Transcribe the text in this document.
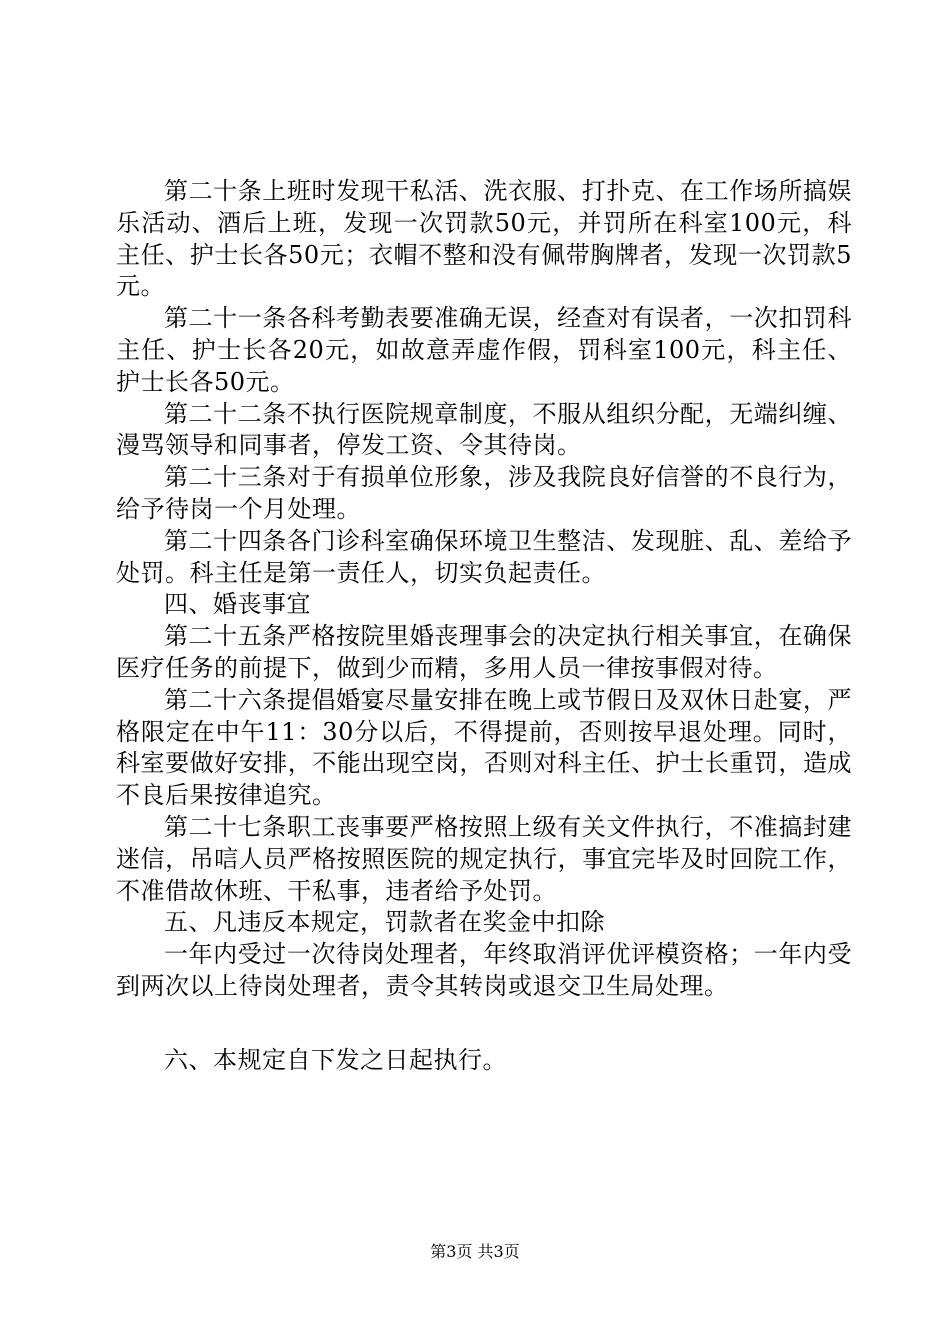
第二十条上班时发现干私活、洗衣服、打扑克、在工作场所搞娱乐活动、酒后上班，发现一次罚款50元，并罚所在科室100元，科主任、护士长各50元；衣帽不整和没有佩带胸牌者，发现一次罚款5元。

第二十一条各科考勤表要准确无误，经查对有误者，一次扣罚科主任、护士长各20元，如故意弄虚作假，罚科室100元，科主任、护士长各50元。

第二十二条不执行医院规章制度，不服从组织分配，无端纠缠、漫骂领导和同事者，停发工资、令其待岗。

第二十三条对于有损单位形象，涉及我院良好信誉的不良行为，给予待岗一个月处理。

第二十四条各门诊科室确保环境卫生整洁、发现脏、乱、差给予处罚。科主任是第一责任人，切实负起责任。

四、婚丧事宜

第二十五条严格按院里婚丧理事会的决定执行相关事宜，在确保医疗任务的前提下，做到少而精，多用人员一律按事假对待。

第二十六条提倡婚宴尽量安排在晚上或节假日及双休日赴宴，严格限定在中午11：30分以后，不得提前，否则按早退处理。同时，科室要做好安排，不能出现空岗，否则对科主任、护士长重罚，造成不良后果按律追究。

第二十七条职工丧事要严格按照上级有关文件执行，不准搞封建迷信，吊唁人员严格按照医院的规定执行，事宜完毕及时回院工作，不准借故休班、干私事，违者给予处罚。

五、凡违反本规定，罚款者在奖金中扣除

一年内受过一次待岗处理者，年终取消评优评模资格；一年内受到两次以上待岗处理者，责令其转岗或退交卫生局处理。

六、本规定自下发之日起执行。

第3页 共3页
